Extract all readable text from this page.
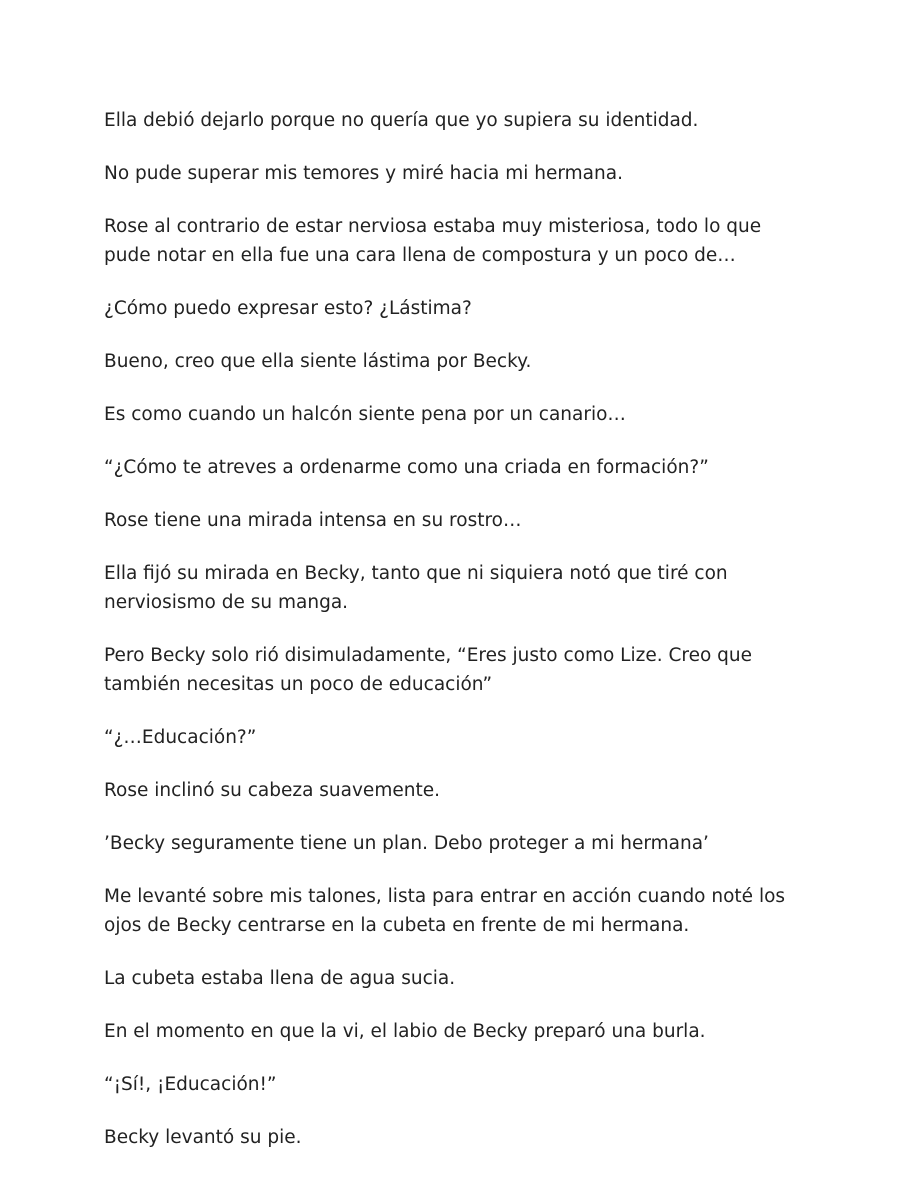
Ella debió dejarlo porque no quería que yo supiera su identidad.

No pude superar mis temores y miré hacia mi hermana.

Rose al contrario de estar nerviosa estaba muy misteriosa, todo lo que pude notar en ella fue una cara llena de compostura y un poco de…

¿Cómo puedo expresar esto? ¿Lástima?

Bueno, creo que ella siente lástima por Becky.

Es como cuando un halcón siente pena por un canario…

“¿Cómo te atreves a ordenarme como una criada en formación?”

Rose tiene una mirada intensa en su rostro…

Ella fijó su mirada en Becky, tanto que ni siquiera notó que tiré con nerviosismo de su manga.

Pero Becky solo rió disimuladamente, “Eres justo como Lize. Creo que también necesitas un poco de educación”

“¿…Educación?”

Rose inclinó su cabeza suavemente.

’Becky seguramente tiene un plan. Debo proteger a mi hermana’

Me levanté sobre mis talones, lista para entrar en acción cuando noté los ojos de Becky centrarse en la cubeta en frente de mi hermana.

La cubeta estaba llena de agua sucia.

En el momento en que la vi, el labio de Becky preparó una burla.

“¡Sí!, ¡Educación!”

Becky levantó su pie.
